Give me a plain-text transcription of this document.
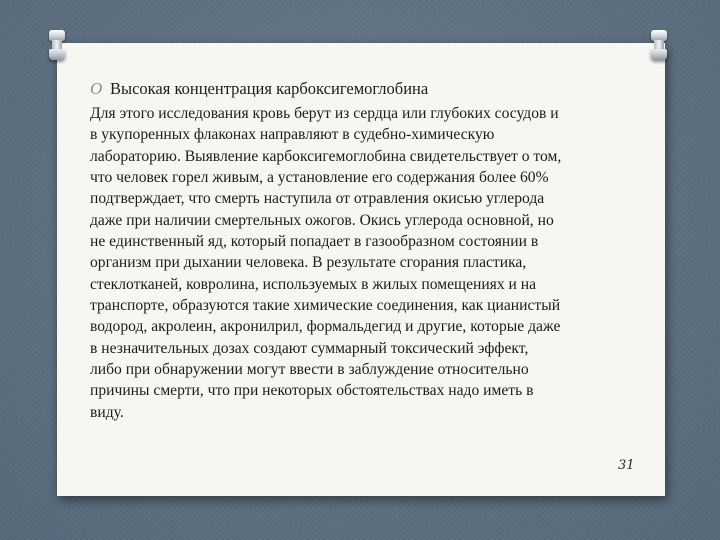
O Высокая концентрация карбоксигемоглобина
Для этого исследования кровь берут из сердца или глубоких сосудов и
в укупоренных флаконах направляют в судебно-химическую
лабораторию. Выявление карбоксигемоглобина свидетельствует о том,
что человек горел живым, а установление его содержания более 60%
подтверждает, что смерть наступила от отравления окисью углерода
даже при наличии смертельных ожогов. Окись углерода основной, но
не единственный яд, который попадает в газообразном состоянии в
организм при дыхании человека. В результате сгорания пластика,
стеклотканей, ковролина, используемых в жилых помещениях и на
транспорте, образуются такие химические соединения, как цианистый
водород, акролеин, акронилрил, формальдегид и другие, которые даже
в незначительных дозах создают суммарный токсический эффект,
либо при обнаружении могут ввести в заблуждение относительно
причины смерти, что при некоторых обстоятельствах надо иметь в
виду.
31
